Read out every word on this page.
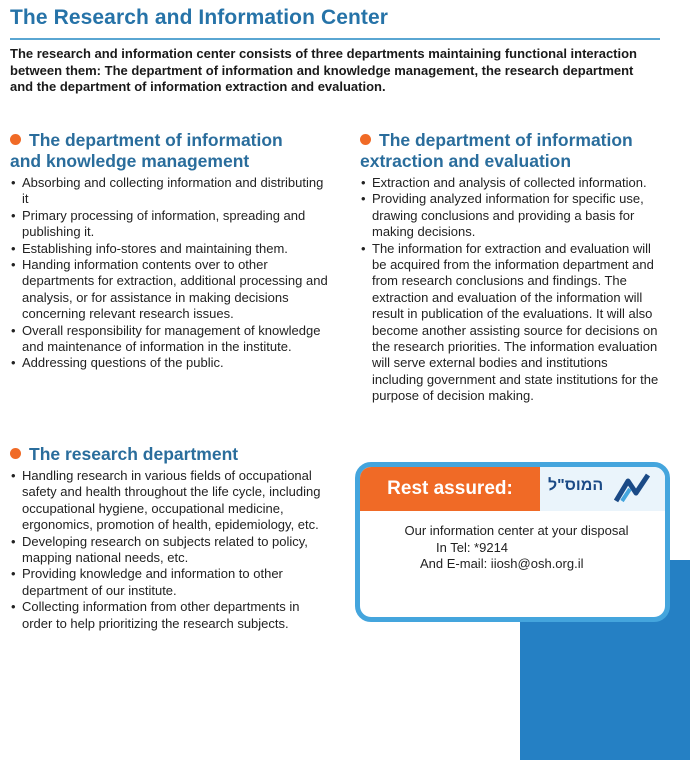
The Research and Information Center
The research and information center consists of three departments maintaining functional interaction between them: The department of information and knowledge management, the research department and the department of information extraction and evaluation.
The department of information
and knowledge management
• Absorbing and collecting information and distributing it
• Primary processing of information, spreading and publishing it.
• Establishing info-stores and maintaining them.
• Handing information contents over to other departments for extraction, additional processing and analysis, or for assistance in making decisions concerning relevant research issues.
• Overall responsibility for management of knowledge and maintenance of information in the institute.
• Addressing questions of the public.
The research department
• Handling research in various fields of occupational safety and health throughout the life cycle, including occupational hygiene, occupational medicine, ergonomics, promotion of health, epidemiology, etc.
• Developing research on subjects related to policy, mapping national needs, etc.
• Providing knowledge and information to other department of our institute.
• Collecting information from other departments in order to help prioritizing the research subjects.
The department of information
extraction and evaluation
• Extraction and analysis of collected information.
• Providing analyzed information for specific use, drawing conclusions and providing a basis for making decisions.
• The information for extraction and evaluation will be acquired from the information department and from research conclusions and findings. The extraction and evaluation of the information will result in publication of the evaluations. It will also become another assisting source for decisions on the research priorities. The information evaluation will serve external bodies and institutions including government and state institutions for the purpose of decision making.
Rest assured:	המוס"ל
Our information center at your disposal
In Tel: *9214
And E-mail: iiosh@osh.org.il
